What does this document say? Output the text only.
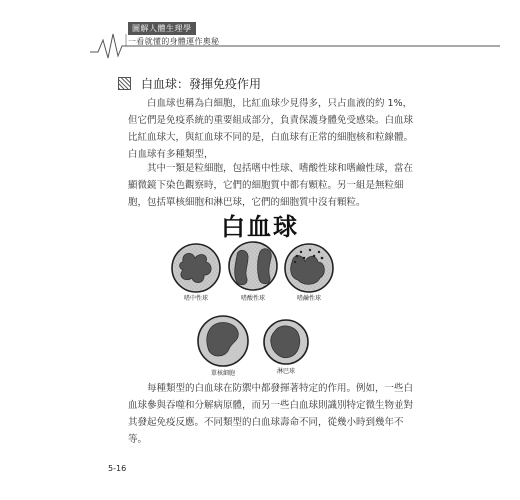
圖解人體生理學
一看就懂的身體運作奧秘
白血球：發揮免疫作用

白血球也稱為白細胞，比紅血球少見得多，只占血液的約 1%，但它們是免疫系統的重要組成部分，負責保護身體免受感染。白血球比紅血球大，與紅血球不同的是，白血球有正常的細胞核和粒線體。白血球有多種類型，

其中一類是粒細胞，包括嗜中性球、嗜酸性球和嗜鹼性球，當在顯微鏡下染色觀察時，它們的細胞質中都有顆粒。另一組是無粒細胞，包括單核細胞和淋巴球，它們的細胞質中沒有顆粒。

白血球
嗜中性球	嗜酸性球	嗜鹼性球
單核細胞	淋巴球

每種類型的白血球在防禦中都發揮著特定的作用。例如，一些白血球參與吞噬和分解病原體，而另一些白血球則識別特定微生物並對其發起免疫反應。不同類型的白血球壽命不同，從幾小時到幾年不等。

5-16
